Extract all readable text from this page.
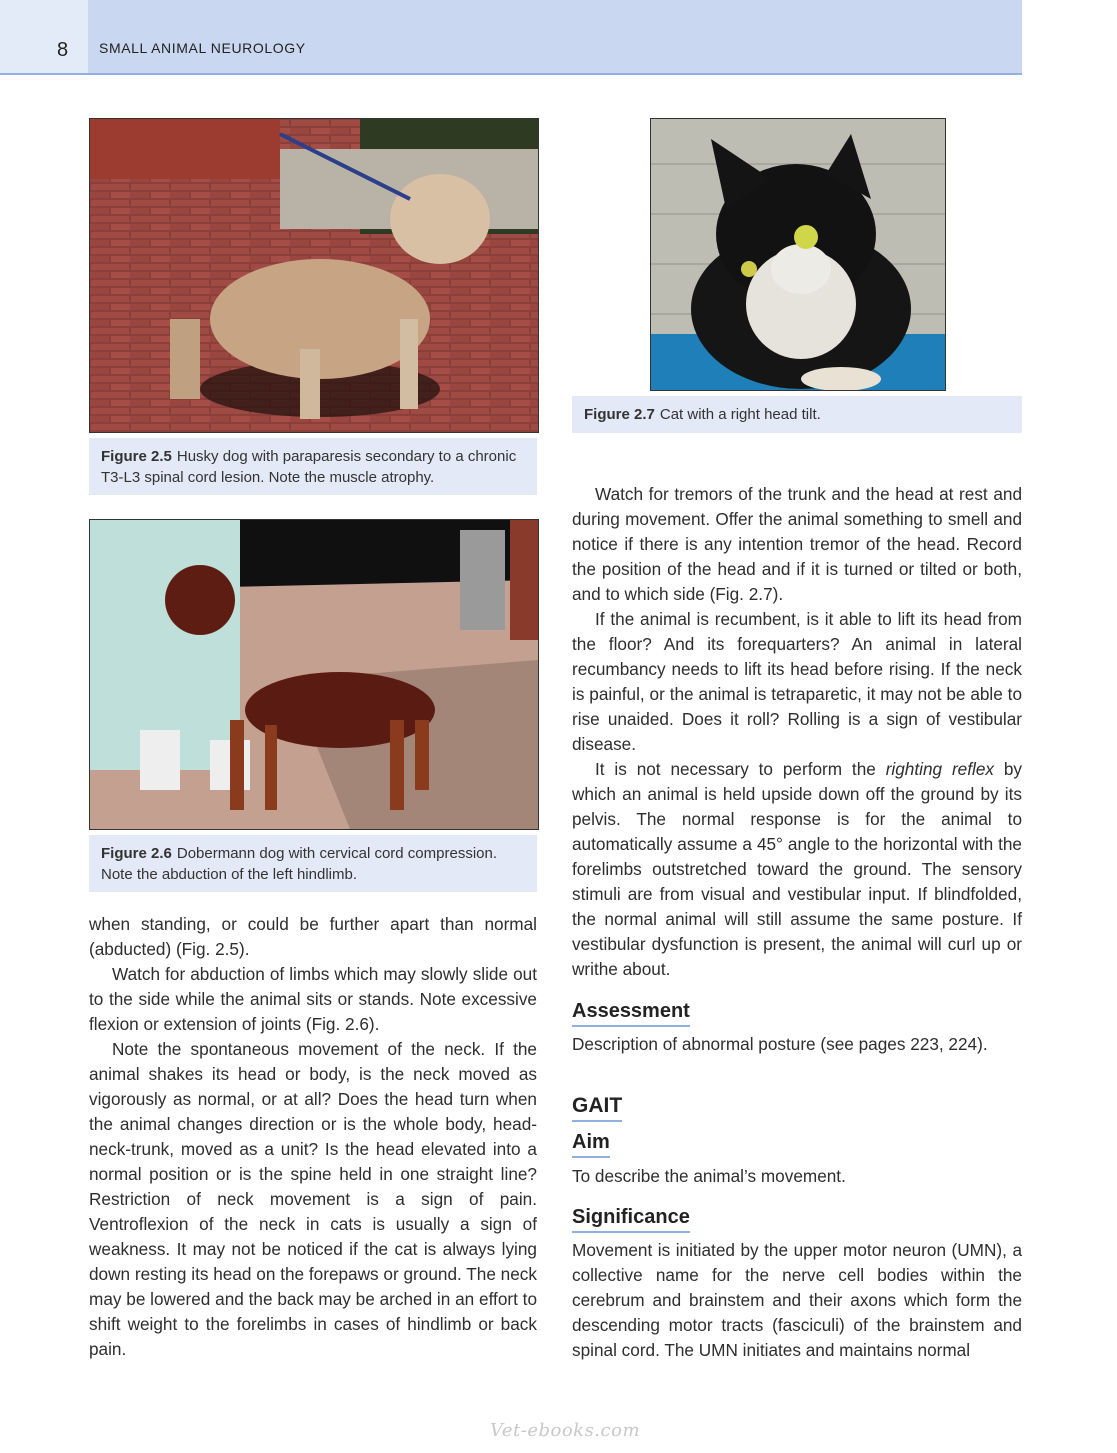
8 SMALL ANIMAL NEUROLOGY
Figure 2.5 Husky dog with paraparesis secondary to a chronic T3-L3 spinal cord lesion. Note the muscle atrophy.
Figure 2.6 Dobermann dog with cervical cord compression. Note the abduction of the left hindlimb.
Figure 2.7 Cat with a right head tilt.

when standing, or could be further apart than normal (abducted) (Fig. 2.5).

Watch for abduction of limbs which may slowly slide out to the side while the animal sits or stands. Note excessive flexion or extension of joints (Fig. 2.6).

Note the spontaneous movement of the neck. If the animal shakes its head or body, is the neck moved as vigorously as normal, or at all? Does the head turn when the animal changes direction or is the whole body, head-neck-trunk, moved as a unit? Is the head elevated into a normal position or is the spine held in one straight line? Restriction of neck movement is a sign of pain. Ventroflexion of the neck in cats is usually a sign of weakness. It may not be noticed if the cat is always lying down resting its head on the forepaws or ground. The neck may be lowered and the back may be arched in an effort to shift weight to the forelimbs in cases of hindlimb or back pain.

Watch for tremors of the trunk and the head at rest and during movement. Offer the animal something to smell and notice if there is any intention tremor of the head. Record the position of the head and if it is turned or tilted or both, and to which side (Fig. 2.7).

If the animal is recumbent, is it able to lift its head from the floor? And its forequarters? An animal in lateral recumbancy needs to lift its head before rising. If the neck is painful, or the animal is tetraparetic, it may not be able to rise unaided. Does it roll? Rolling is a sign of vestibular disease.

It is not necessary to perform the righting reflex by which an animal is held upside down off the ground by its pelvis. The normal response is for the animal to automatically assume a 45° angle to the horizontal with the forelimbs outstretched toward the ground. The sensory stimuli are from visual and vestibular input. If blindfolded, the normal animal will still assume the same posture. If vestibular dysfunction is present, the animal will curl up or writhe about.

Assessment
Description of abnormal posture (see pages 223, 224).
GAIT
Aim
To describe the animal’s movement.
Significance
Movement is initiated by the upper motor neuron (UMN), a collective name for the nerve cell bodies within the cerebrum and brainstem and their axons which form the descending motor tracts (fasciculi) of the brainstem and spinal cord. The UMN initiates and maintains normal
Vet-ebooks.com
